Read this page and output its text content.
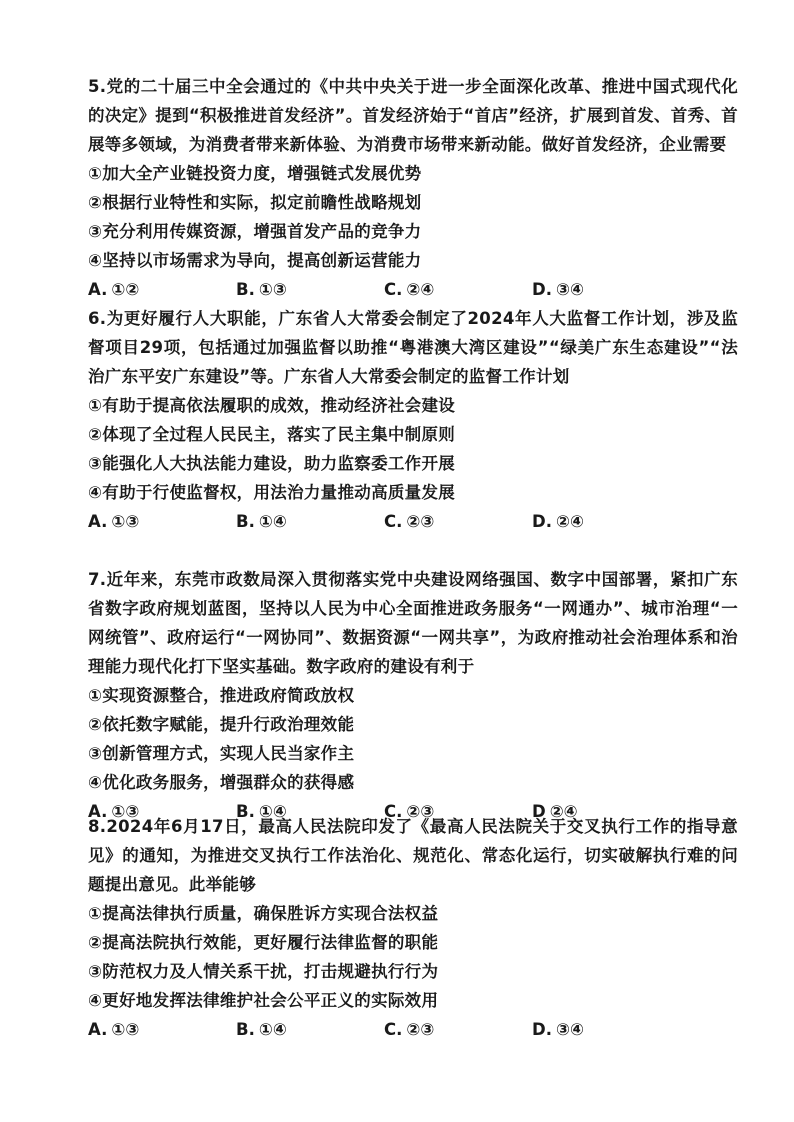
5.党的二十届三中全会通过的《中共中央关于进一步全面深化改革、推进中国式现代化的决定》提到“积极推进首发经济”。首发经济始于“首店”经济，扩展到首发、首秀、首展等多领域，为消费者带来新体验、为消费市场带来新动能。做好首发经济，企业需要

①加大全产业链投资力度，增强链式发展优势
②根据行业特性和实际，拟定前瞻性战略规划
③充分利用传媒资源，增强首发产品的竞争力
④坚持以市场需求为导向，提高创新运营能力
A. ①②	B. ①③	C. ②④	D. ③④

6.为更好履行人大职能，广东省人大常委会制定了2024年人大监督工作计划，涉及监督项目29项，包括通过加强监督以助推“粤港澳大湾区建设”“绿美广东生态建设”“法治广东平安广东建设”等。广东省人大常委会制定的监督工作计划

①有助于提高依法履职的成效，推动经济社会建设
②体现了全过程人民民主，落实了民主集中制原则
③能强化人大执法能力建设，助力监察委工作开展
④有助于行使监督权，用法治力量推动高质量发展
A. ①③	B. ①④	C. ②③	D. ②④

7.近年来，东莞市政数局深入贯彻落实党中央建设网络强国、数字中国部署，紧扣广东省数字政府规划蓝图，坚持以人民为中心全面推进政务服务“一网通办”、城市治理“一网统管”、政府运行“一网协同”、数据资源“一网共享”，为政府推动社会治理体系和治理能力现代化打下坚实基础。数字政府的建设有利于

①实现资源整合，推进政府简政放权
②依托数字赋能，提升行政治理效能
③创新管理方式，实现人民当家作主
④优化政务服务，增强群众的获得感
A. ①③	B. ①④	C. ②③	D ②④

8.2024年6月17日，最高人民法院印发了《最高人民法院关于交叉执行工作的指导意见》的通知，为推进交叉执行工作法治化、规范化、常态化运行，切实破解执行难的问题提出意见。此举能够

①提高法律执行质量，确保胜诉方实现合法权益
②提高法院执行效能，更好履行法律监督的职能
③防范权力及人情关系干扰，打击规避执行行为
④更好地发挥法律维护社会公平正义的实际效用
A. ①③	B. ①④	C. ②③	D. ③④
